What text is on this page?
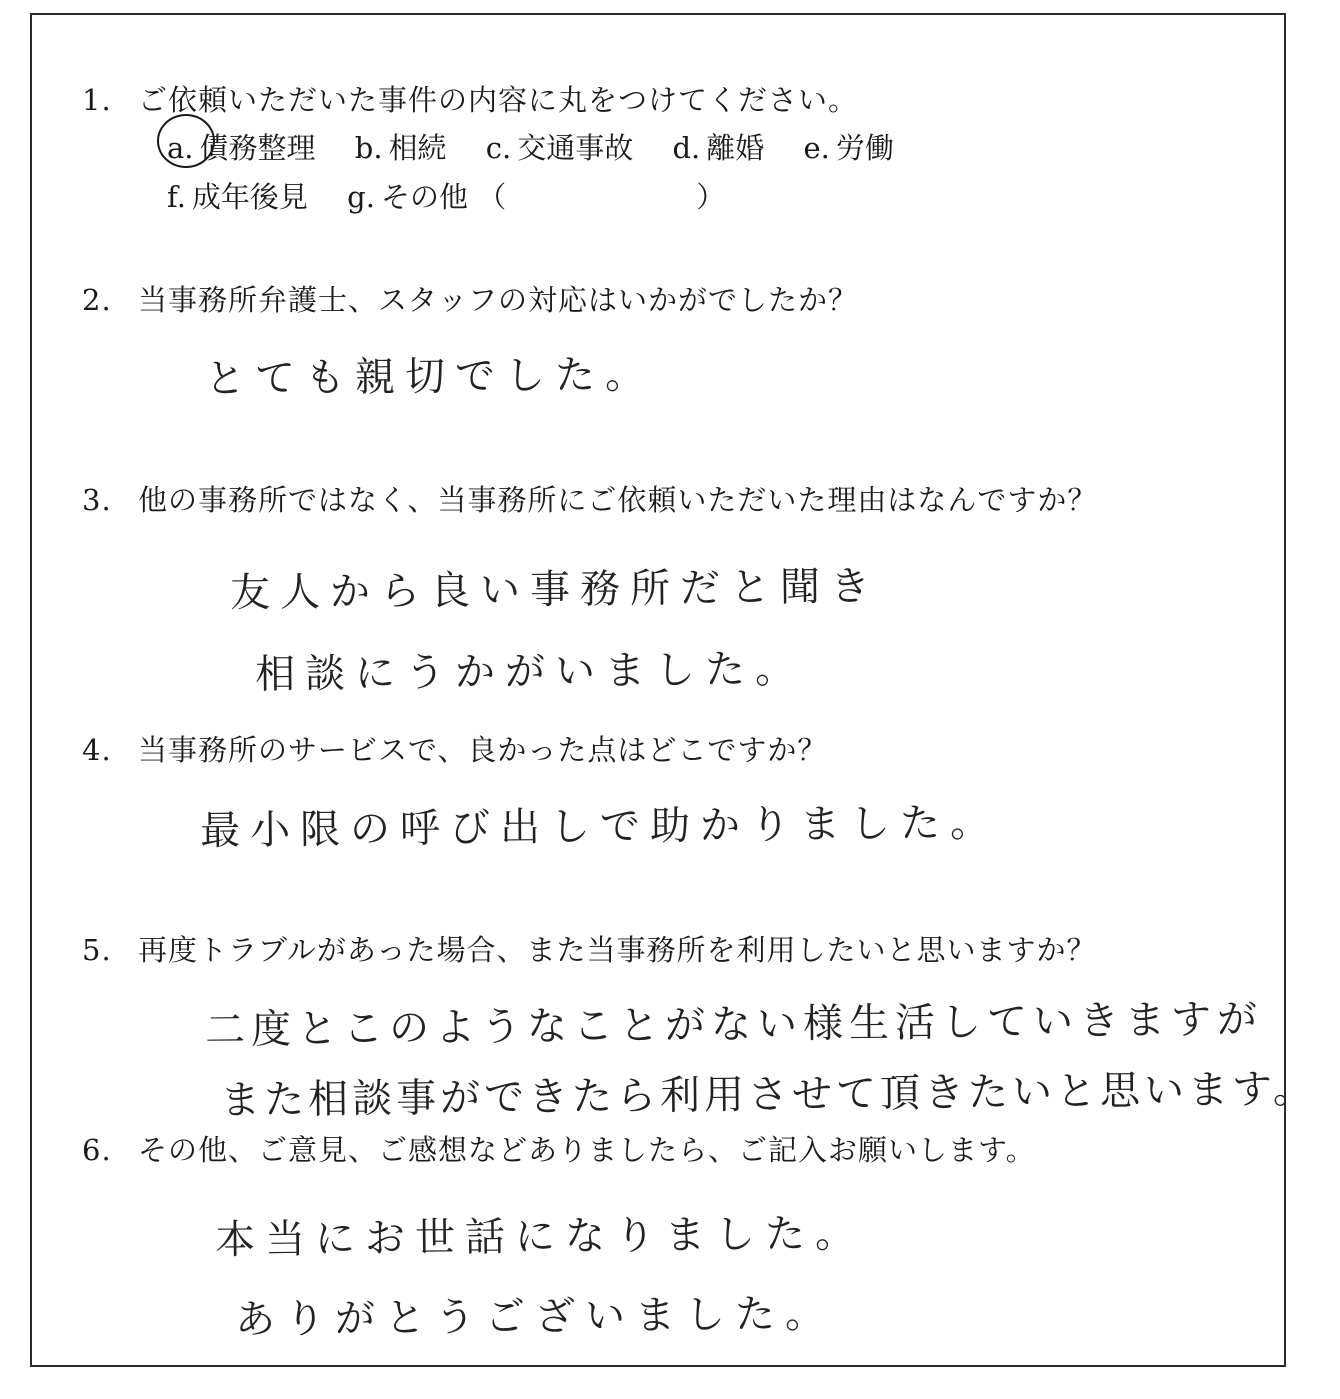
1. ご依頼いただいた事件の内容に丸をつけてください。
a. 債務整理 b. 相続 c. 交通事故 d. 離婚 e. 労働
f. 成年後見 g. その他 （	）
2. 当事務所弁護士、スタッフの対応はいかがでしたか？
とても親切でした。
3. 他の事務所ではなく、当事務所にご依頼いただいた理由はなんですか？
友人から良い事務所だと聞き
相談にうかがいました。
4. 当事務所のサービスで、良かった点はどこですか？
最小限の呼び出しで助かりました。
5. 再度トラブルがあった場合、また当事務所を利用したいと思いますか？
二度とこのようなことがない様生活していきますが
また相談事ができたら利用させて頂きたいと思います。
6. その他、ご意見、ご感想などありましたら、ご記入お願いします。
本当にお世話になりました。
ありがとうございました。
